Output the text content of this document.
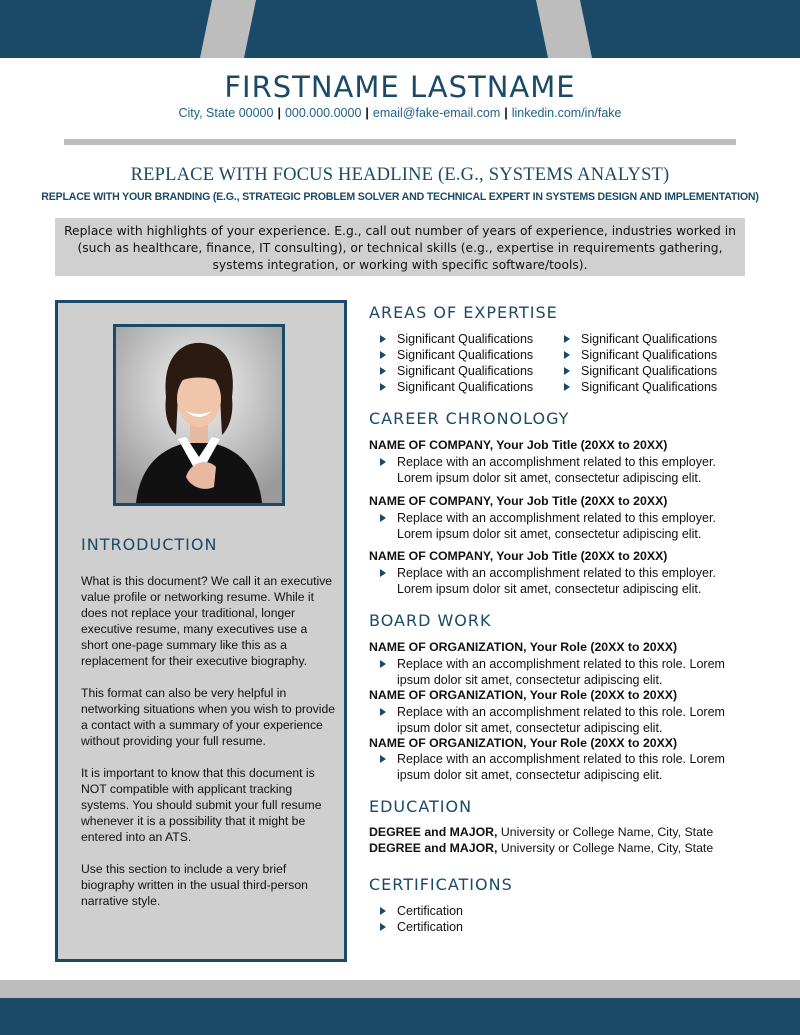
FIRSTNAME LASTNAME
City, State 00000 | 000.000.0000 | email@fake-email.com | linkedin.com/in/fake
REPLACE WITH FOCUS HEADLINE (E.G., SYSTEMS ANALYST)
REPLACE WITH YOUR BRANDING (E.G., STRATEGIC PROBLEM SOLVER AND TECHNICAL EXPERT IN SYSTEMS DESIGN AND IMPLEMENTATION)
Replace with highlights of your experience. E.g., call out number of years of experience, industries worked in
(such as healthcare, finance, IT consulting), or technical skills (e.g., expertise in requirements gathering,
systems integration, or working with specific software/tools).
INTRODUCTION

What is this document? We call it an executive value profile or networking resume. While it does not replace your traditional, longer executive resume, many executives use a short one-page summary like this as a replacement for their executive biography.

This format can also be very helpful in networking situations when you wish to provide a contact with a summary of your experience without providing your full resume.

It is important to know that this document is NOT compatible with applicant tracking systems. You should submit your full resume whenever it is a possibility that it might be entered into an ATS.

Use this section to include a very brief biography written in the usual third-person narrative style.

AREAS OF EXPERTISE
Significant Qualifications
Significant Qualifications
Significant Qualifications
Significant Qualifications
Significant Qualifications
Significant Qualifications
Significant Qualifications
Significant Qualifications
CAREER CHRONOLOGY
NAME OF COMPANY, Your Job Title (20XX to 20XX)
Replace with an accomplishment related to this employer.
Lorem ipsum dolor sit amet, consectetur adipiscing elit.
NAME OF COMPANY, Your Job Title (20XX to 20XX)
Replace with an accomplishment related to this employer.
Lorem ipsum dolor sit amet, consectetur adipiscing elit.
NAME OF COMPANY, Your Job Title (20XX to 20XX)
Replace with an accomplishment related to this employer.
Lorem ipsum dolor sit amet, consectetur adipiscing elit.
BOARD WORK
NAME OF ORGANIZATION, Your Role (20XX to 20XX)
Replace with an accomplishment related to this role. Lorem
ipsum dolor sit amet, consectetur adipiscing elit.
NAME OF ORGANIZATION, Your Role (20XX to 20XX)
Replace with an accomplishment related to this role. Lorem
ipsum dolor sit amet, consectetur adipiscing elit.
NAME OF ORGANIZATION, Your Role (20XX to 20XX)
Replace with an accomplishment related to this role. Lorem
ipsum dolor sit amet, consectetur adipiscing elit.
EDUCATION
DEGREE and MAJOR, University or College Name, City, State
DEGREE and MAJOR, University or College Name, City, State
CERTIFICATIONS
Certification
Certification
